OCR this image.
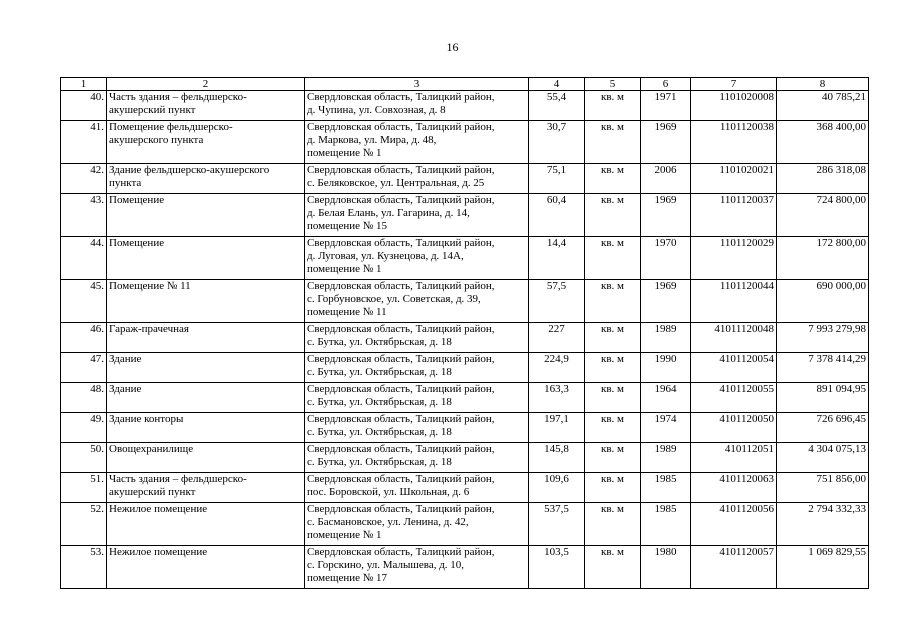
16
1	2	3	4	5	6	7	8
40.	Часть здания – фельдшерско-
акушерский пункт	Свердловская область, Талицкий район,
д. Чупина, ул. Совхозная, д. 8	55,4	кв. м	1971	1101020008	40 785,21
41.	Помещение фельдшерско-
акушерского пункта	Свердловская область, Талицкий район,
д. Маркова, ул. Мира, д. 48,
помещение № 1	30,7	кв. м	1969	1101120038	368 400,00
42.	Здание фельдшерско-акушерского
пункта	Свердловская область, Талицкий район,
с. Беляковское, ул. Центральная, д. 25	75,1	кв. м	2006	1101020021	286 318,08
43.	Помещение	Свердловская область, Талицкий район,
д. Белая Елань, ул. Гагарина, д. 14,
помещение № 15	60,4	кв. м	1969	1101120037	724 800,00
44.	Помещение	Свердловская область, Талицкий район,
д. Луговая, ул. Кузнецова, д. 14А,
помещение № 1	14,4	кв. м	1970	1101120029	172 800,00
45.	Помещение № 11	Свердловская область, Талицкий район,
с. Горбуновское, ул. Советская, д. 39,
помещение № 11	57,5	кв. м	1969	1101120044	690 000,00
46.	Гараж-прачечная	Свердловская область, Талицкий район,
с. Бутка, ул. Октябрьская, д. 18	227	кв. м	1989	41011120048	7 993 279,98
47.	Здание	Свердловская область, Талицкий район,
с. Бутка, ул. Октябрьская, д. 18	224,9	кв. м	1990	4101120054	7 378 414,29
48.	Здание	Свердловская область, Талицкий район,
с. Бутка, ул. Октябрьская, д. 18	163,3	кв. м	1964	4101120055	891 094,95
49.	Здание конторы	Свердловская область, Талицкий район,
с. Бутка, ул. Октябрьская, д. 18	197,1	кв. м	1974	4101120050	726 696,45
50.	Овощехранилище	Свердловская область, Талицкий район,
с. Бутка, ул. Октябрьская, д. 18	145,8	кв. м	1989	410112051	4 304 075,13
51.	Часть здания – фельдшерско-
акушерский пункт	Свердловская область, Талицкий район,
пос. Боровской, ул. Школьная, д. 6	109,6	кв. м	1985	4101120063	751 856,00
52.	Нежилое помещение	Свердловская область, Талицкий район,
с. Басмановское, ул. Ленина, д. 42,
помещение № 1	537,5	кв. м	1985	4101120056	2 794 332,33
53.	Нежилое помещение	Свердловская область, Талицкий район,
с. Горскино, ул. Малышева, д. 10,
помещение № 17	103,5	кв. м	1980	4101120057	1 069 829,55
